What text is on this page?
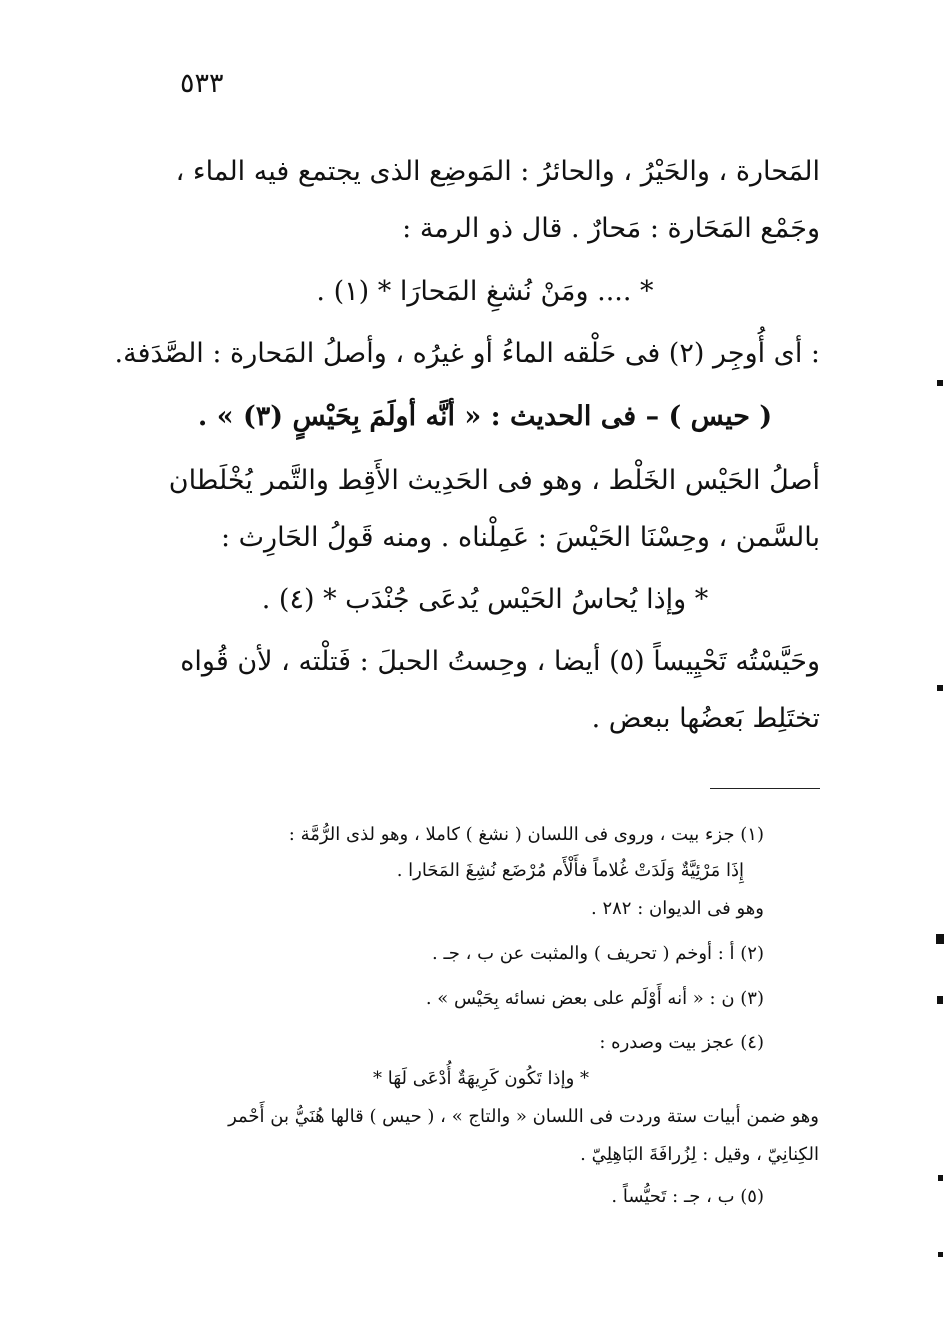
٥٣٣
المَحارة ، والحَيْرُ ، والحائرُ : المَوضِع الذى يجتمع فيه الماء ،
وجَمْع المَحَارة : مَحارٌ . قال ذو الرمة :
* .... ومَنْ نُشغِ المَحارَا * (١) .
: أى أُوجِر (٢) فى حَلْقه الماءُ أو غيرُه ، وأصلُ المَحارة : الصَّدَفة.
( حيس ) – فى الحديث : « أنَّه أولَمَ بِحَيْسٍ (٣) » .
أصلُ الحَيْس الخَلْط ، وهو فى الحَدِيث الأَقِط والتَّمر يُخْلَطان
بالسَّمن ، وحِسْنَا الحَيْسَ : عَمِلْناه . ومنه قَولُ الحَارِث :
* وإذا يُحاسُ الحَيْس يُدعَى جُنْدَب * (٤) .
وحَيَّسْتُه تَحْيِيساً (٥) أيضا ، وحِستُ الحبلَ : فَتلْته ، لأن قُواه
تختَلِط بَعضُها ببعض .
(١) جزء بيت ، وروى فى اللسان ( نشغ ) كاملا ، وهو لذى الرُّمَّة :
إِذَا مَرْئِيَّةٌ وَلَدَتْ غُلاماً فأَلْأَم مُرْضَع نُشِغَ المَحَارا .
وهو فى الديوان : ٢٨٢ .
(٢) أ : أوخم ( تحريف ) والمثبت عن ب ، جـ .
(٣) ن : « أنه أَوْلَم على بعض نسائه بِحَيْس » .
(٤) عجز بيت وصدره :
* وإذا تَكُون كَرِيهَةٌ أُدْعَى لَهَا *
وهو ضمن أبيات ستة وردت فى اللسان « والتاج » ، ( حيس ) قالها هُنَيُّ بن أَحْمر
الكِنانِيّ ، وقيل : لِزُرافَةَ البَاهِلِيّ .
(٥) ب ، جـ : تَحيُّساً .
